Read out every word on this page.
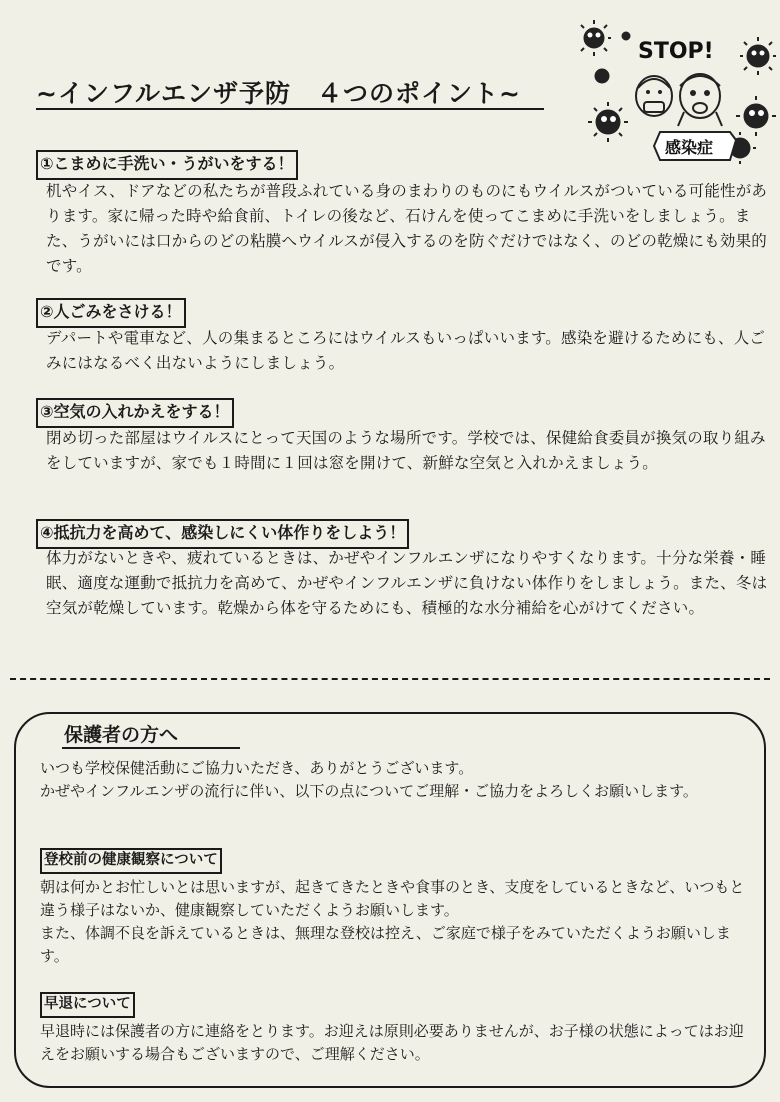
~インフルエンザ予防　４つのポイント~
STOP!
感染症
①こまめに手洗い・うがいをする！
机やイス、ドアなどの私たちが普段ふれている身のまわりのものにもウイルスがついている可能性があります。家に帰った時や給食前、トイレの後など、石けんを使ってこまめに手洗いをしましょう。また、うがいには口からのどの粘膜へウイルスが侵入するのを防ぐだけではなく、のどの乾燥にも効果的です。
②人ごみをさける！
デパートや電車など、人の集まるところにはウイルスもいっぱいいます。感染を避けるためにも、人ごみにはなるべく出ないようにしましょう。
③空気の入れかえをする！
閉め切った部屋はウイルスにとって天国のような場所です。学校では、保健給食委員が換気の取り組みをしていますが、家でも１時間に１回は窓を開けて、新鮮な空気と入れかえましょう。
④抵抗力を高めて、感染しにくい体作りをしよう！
体力がないときや、疲れているときは、かぜやインフルエンザになりやすくなります。十分な栄養・睡眠、適度な運動で抵抗力を高めて、かぜやインフルエンザに負けない体作りをしましょう。また、冬は空気が乾燥しています。乾燥から体を守るためにも、積極的な水分補給を心がけてください。
保護者の方へ
いつも学校保健活動にご協力いただき、ありがとうございます。
かぜやインフルエンザの流行に伴い、以下の点についてご理解・ご協力をよろしくお願いします。
登校前の健康観察について
朝は何かとお忙しいとは思いますが、起きてきたときや食事のとき、支度をしているときなど、いつもと違う様子はないか、健康観察していただくようお願いします。
また、体調不良を訴えているときは、無理な登校は控え、ご家庭で様子をみていただくようお願いします。
早退について
早退時には保護者の方に連絡をとります。お迎えは原則必要ありませんが、お子様の状態によってはお迎えをお願いする場合もございますので、ご理解ください。
